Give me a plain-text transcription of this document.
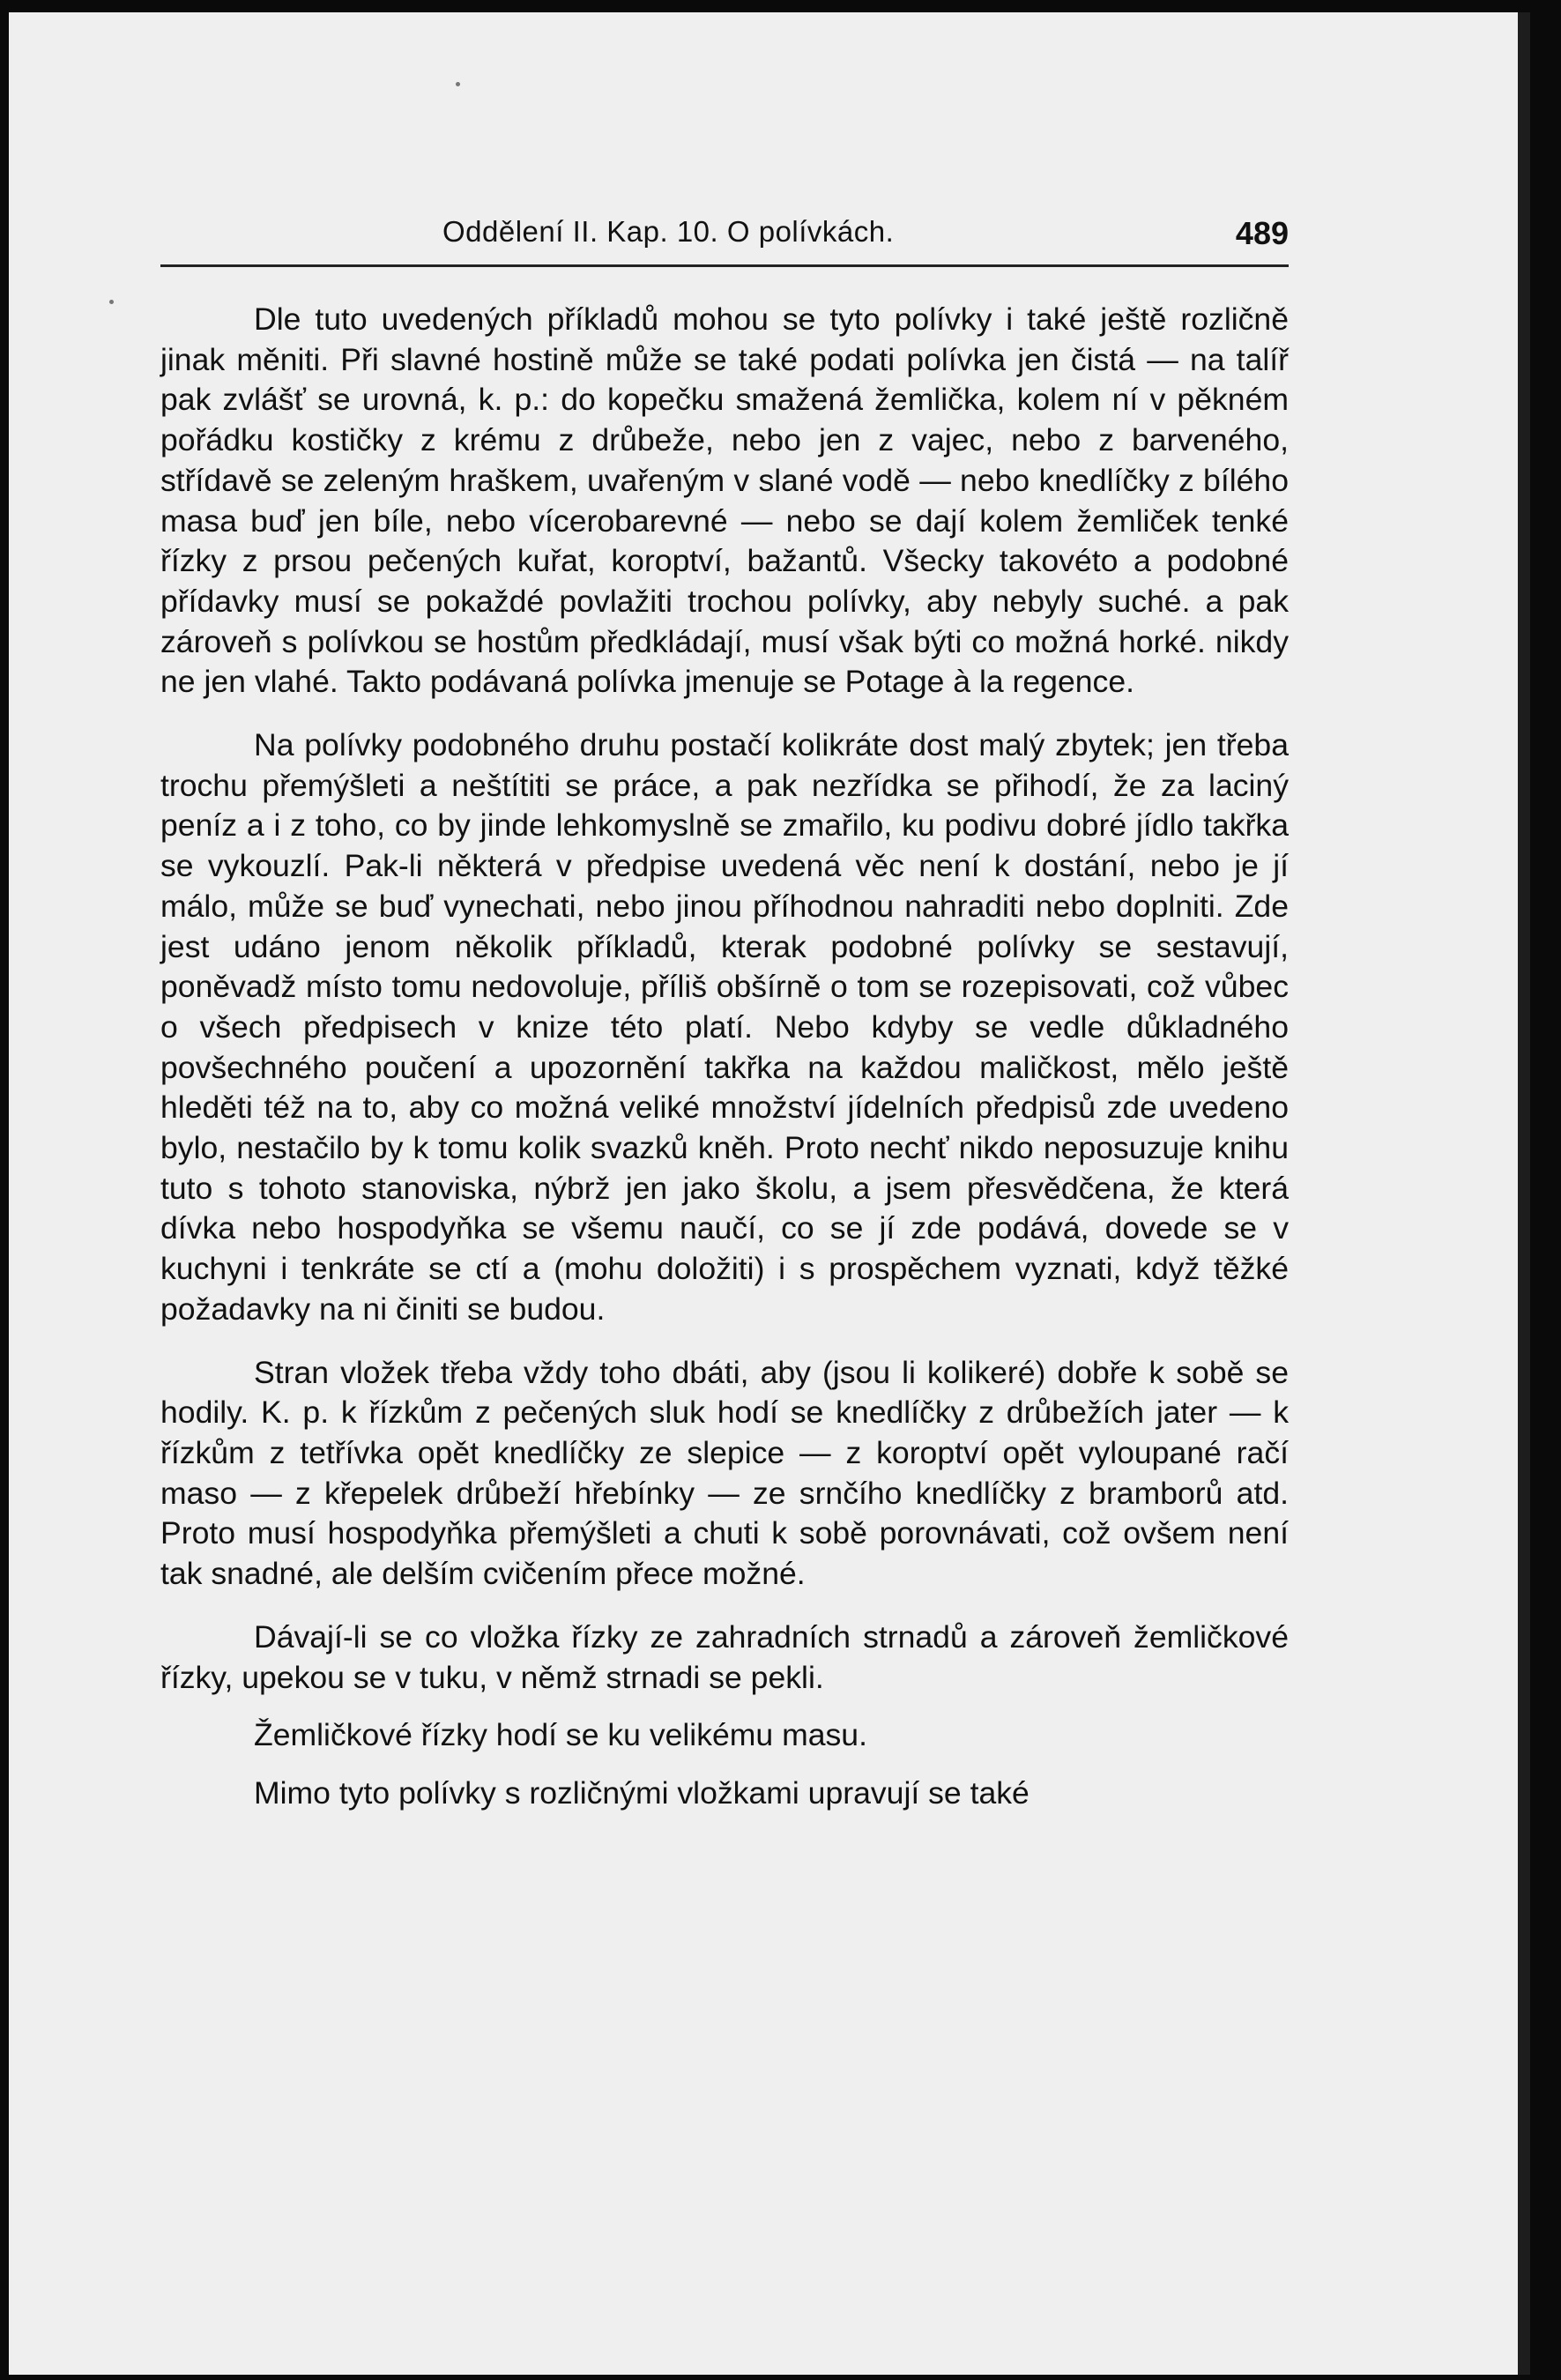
Oddělení II. Kap. 10. O polívkách.	489

Dle tuto uvedených příkladů mohou se tyto polívky i také ještě rozličně jinak měniti. Při slavné hostině může se také podati polívka jen čistá — na talíř pak zvlášť se urovná, k. p.: do kopečku smažená žemlička, kolem ní v pěkném pořádku kostičky z krému z drůbeže, nebo jen z vajec, nebo z barveného, střídavě se zeleným hraškem, uvařeným v slané vodě — nebo knedlíčky z bílého masa buď jen bíle, nebo vícerobarevné — nebo se dají kolem žemliček tenké řízky z prsou pečených kuřat, koroptví, bažantů. Všecky takovéto a podobné přídavky musí se pokaždé povlažiti trochou polívky, aby nebyly suché. a pak zároveň s polívkou se hostům předkládají, musí však býti co možná horké. nikdy ne jen vlahé. Takto podávaná polívka jmenuje se Potage à la regence.

Na polívky podobného druhu postačí kolikráte dost malý zbytek; jen třeba trochu přemýšleti a neštítiti se práce, a pak nezřídka se přihodí, že za laciný peníz a i z toho, co by jinde lehkomyslně se zmařilo, ku podivu dobré jídlo takřka se vykouzlí. Pak-li některá v předpise uvedená věc není k dostání, nebo je jí málo, může se buď vynechati, nebo jinou příhodnou nahraditi nebo doplniti. Zde jest udáno jenom několik příkladů, kterak podobné polívky se sestavují, poněvadž místo tomu nedovoluje, příliš obšírně o tom se rozepisovati, což vůbec o všech předpisech v knize této platí. Nebo kdyby se vedle důkladného povšechného poučení a upozornění takřka na každou maličkost, mělo ještě hleděti též na to, aby co možná veliké množství jídelních předpisů zde uvedeno bylo, nestačilo by k tomu kolik svazků kněh. Proto nechť nikdo neposuzuje knihu tuto s tohoto stanoviska, nýbrž jen jako školu, a jsem přesvědčena, že která dívka nebo hospodyňka se všemu naučí, co se jí zde podává, dovede se v kuchyni i tenkráte se ctí a (mohu doložiti) i s prospěchem vyznati, když těžké požadavky na ni činiti se budou.

Stran vložek třeba vždy toho dbáti, aby (jsou li kolikeré) dobře k sobě se hodily. K. p. k řízkům z pečených sluk hodí se knedlíčky z drůbežích jater — k řízkům z tetřívka opět knedlíčky ze slepice — z koroptví opět vyloupané račí maso — z křepelek drůbeží hřebínky — ze srnčího knedlíčky z bramborů atd. Proto musí hospodyňka přemýšleti a chuti k sobě porovnávati, což ovšem není tak snadné, ale delším cvičením přece možné.

Dávají-li se co vložka řízky ze zahradních strnadů a zároveň žemličkové řízky, upekou se v tuku, v němž strnadi se pekli.

Žemličkové řízky hodí se ku velikému masu.

Mimo tyto polívky s rozličnými vložkami upravují se také
